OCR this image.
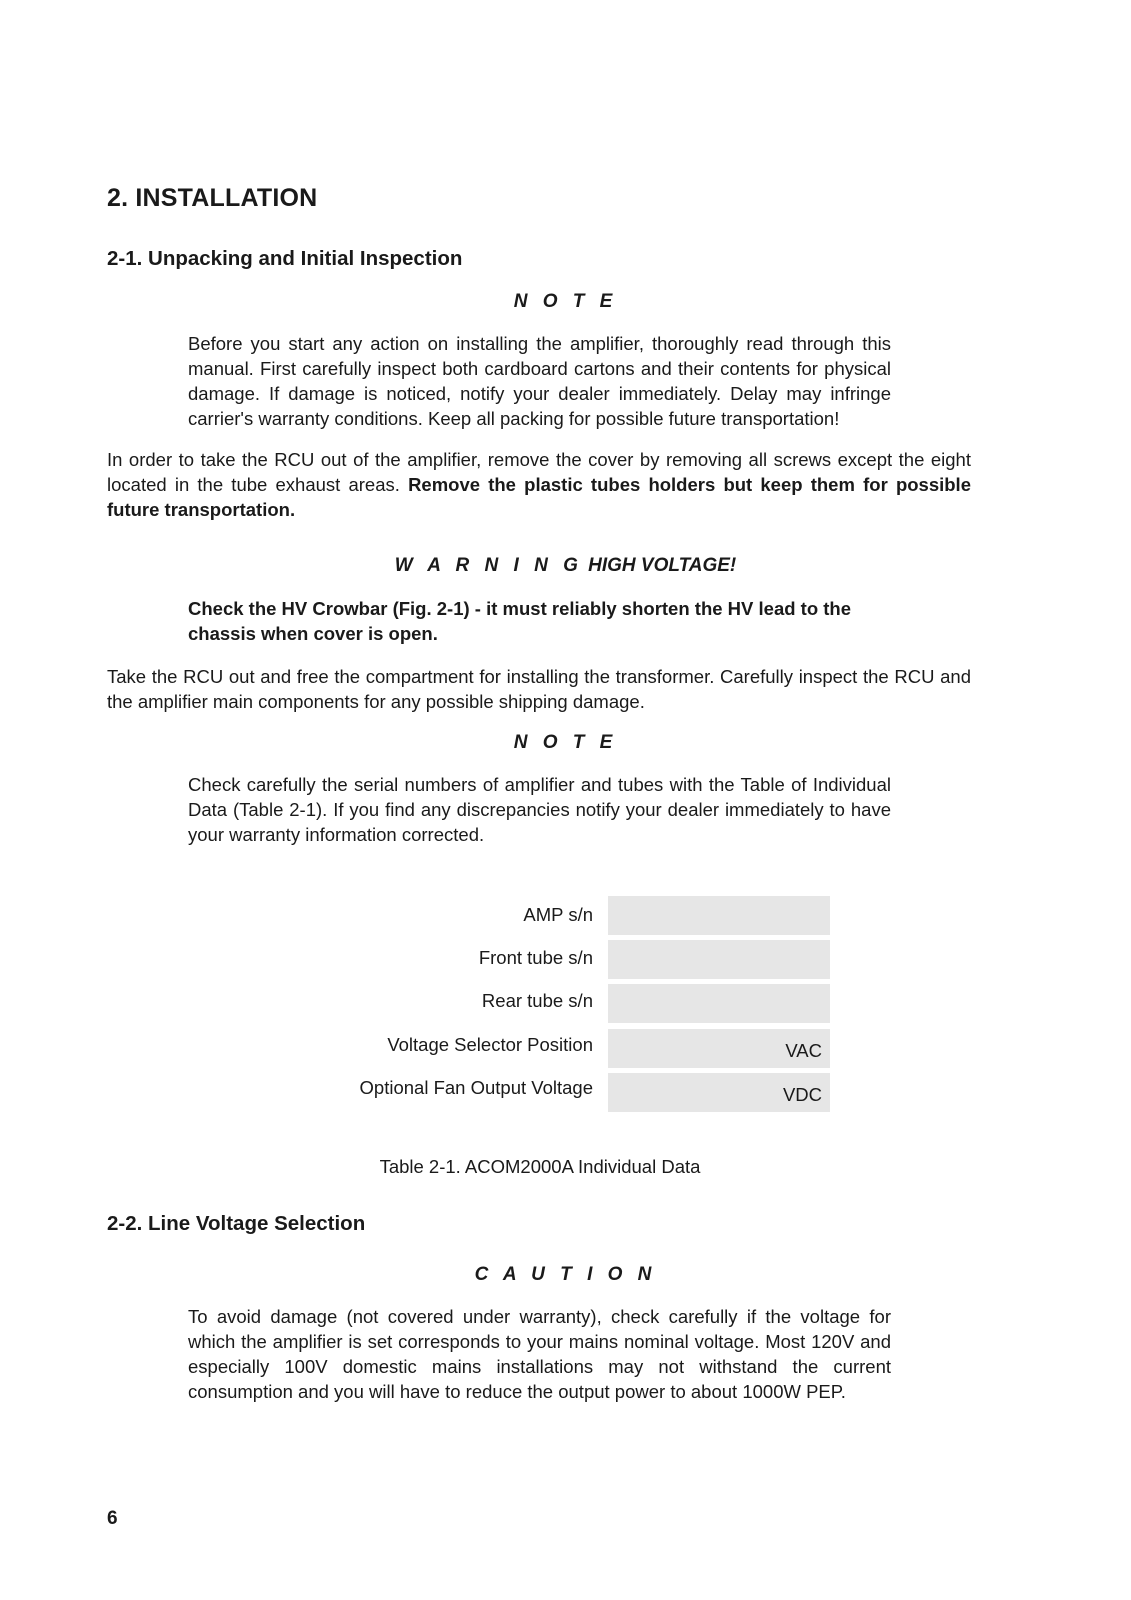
2. INSTALLATION
2-1. Unpacking and Initial Inspection
N O T E

Before you start any action on installing the amplifier, thoroughly read through this manual. First carefully inspect both cardboard cartons and their contents for physical damage. If damage is noticed, notify your dealer immediately. Delay may infringe carrier's warranty conditions. Keep all packing for possible future transportation!

In order to take the RCU out of the amplifier, remove the cover by removing all screws except the eight located in the tube exhaust areas. Remove the plastic tubes holders but keep them for possible future transportation.

W A R N I N G HIGH VOLTAGE!

Check the HV Crowbar (Fig. 2-1) - it must reliably shorten the HV lead to the chassis when cover is open.

Take the RCU out and free the compartment for installing the transformer. Carefully inspect the RCU and the amplifier main components for any possible shipping damage.

N O T E

Check carefully the serial numbers of amplifier and tubes with the Table of Individual Data (Table 2-1). If you find any discrepancies notify your dealer immediately to have your warranty information corrected.

AMP s/n
Front tube s/n
Rear tube s/n
Voltage Selector Position	VAC
Optional Fan Output Voltage	VDC
Table 2-1. ACOM2000A Individual Data
2-2. Line Voltage Selection
C A U T I O N

To avoid damage (not covered under warranty), check carefully if the voltage for which the amplifier is set corresponds to your mains nominal voltage. Most 120V and especially 100V domestic mains installations may not withstand the current consumption and you will have to reduce the output power to about 1000W PEP.

6
